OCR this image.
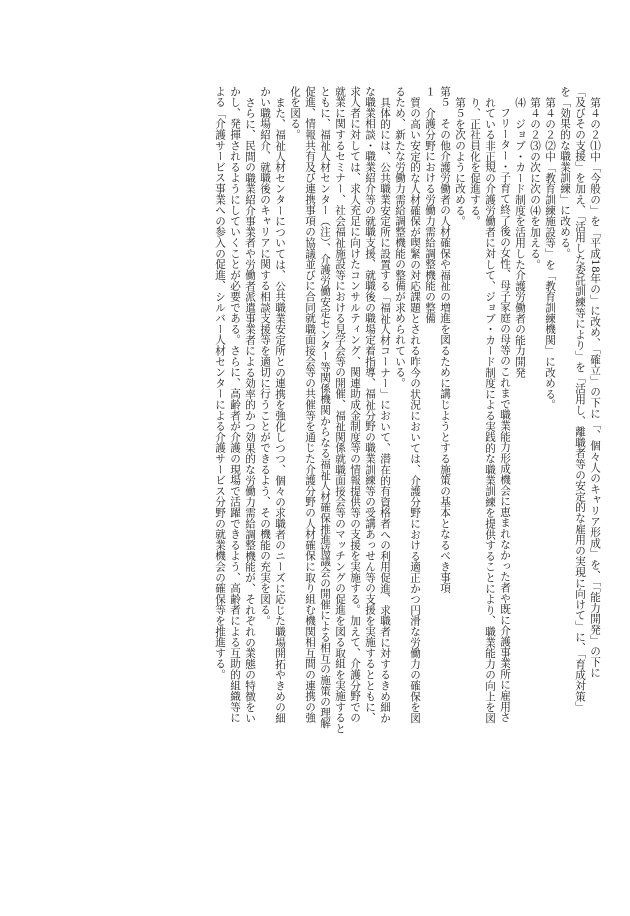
第４の２⑴中「今般の」を「平成18年の」に改め、「確立」の下に「、個々人のキャリア形成」を、「「能力開発」の下に
「及びその支援」を加え、「活用した委託訓練等により」を「活用し、離職者等の安定的な雇用の実現に向けて」に、「育成対策」
を「効果的な職業訓練」に改める。
第４の２⑵中「教育訓練施設等」を「教育訓練機関」に改める。
第４の２⑶の次に次の⑷を加える。
⑷　ジョブ・カード制度を活用した介護労働者の能力開発
フリーター・子育て終了後の女性、母子家庭の母等のこれまで職業能力形成機会に恵まれなかった者や既に介護事業所に雇用さ
れている非正規の介護労働者に対して、ジョブ・カード制度による実践的な職業訓練を提供することにより、職業能力の向上を図
り、正社員化を促進する。
第５を次のように改める。
第５　その他介護労働者の人材確保や福祉の増進を図るために講じようとする施策の基本となるべき事項
１　介護分野における労働力需給調整機能の整備
質の高い安定的な人材確保が喫緊の対応課題とされる昨今の状況においては、介護分野における適正かつ円滑な労働力の確保を図
るため、新たな労働力需給調整機能の整備が求められている。
具体的には、公共職業安定所に設置する「福祉人材コーナー」において、潜在的有資格者への利用促進、求職者に対するきめ細か
な職業相談・職業紹介等の就職支援、就職後の職場定着指導、福祉分野の職業訓練等の受講あっせん等の支援を実施するとともに、
求人者に対しては、求人充足に向けたコンサルティング、関連助成金制度等の情報提供等の支援を実施する。加えて、介護分野での
就業に関するセミナー、社会福祉施設等における見学会等の開催、福祉関係就職面接会等のマッチングの促進を図る取組を実施すると
ともに、福祉人材センター（注）、介護労働安定センター等関係機関からなる福祉人材確保推進協議会の開催による相互の施策の理解
促進、情報共有及び連携事項の協議並びに合同就職面接会等の共催等を通じた介護分野の人材確保に取り組む機関相互間の連携の強
化を図る。
また、福祉人材センターについては、公共職業安定所との連携を強化しつつ、個々の求職者のニーズに応じた職場開拓やきめの細
かい職場紹介、就職後のキャリアに関する相談支援等を適切に行うことができるよう、その機能の充実を図る。
さらに、民間の職業紹介事業者や労働者派遣事業者による効率的かつ効果的な労働力需給調整機能が、それぞれの業態の特徴をい
かし、発揮されるようにしていくことが必要である。さらに、高齢者が介護の現場で活躍できるよう、高齢者による互助的組織等に
よる「介護サービス事業への参入の促進、シルバー人材センターによる介護サービス分野の就業機会の確保等を推進する。
